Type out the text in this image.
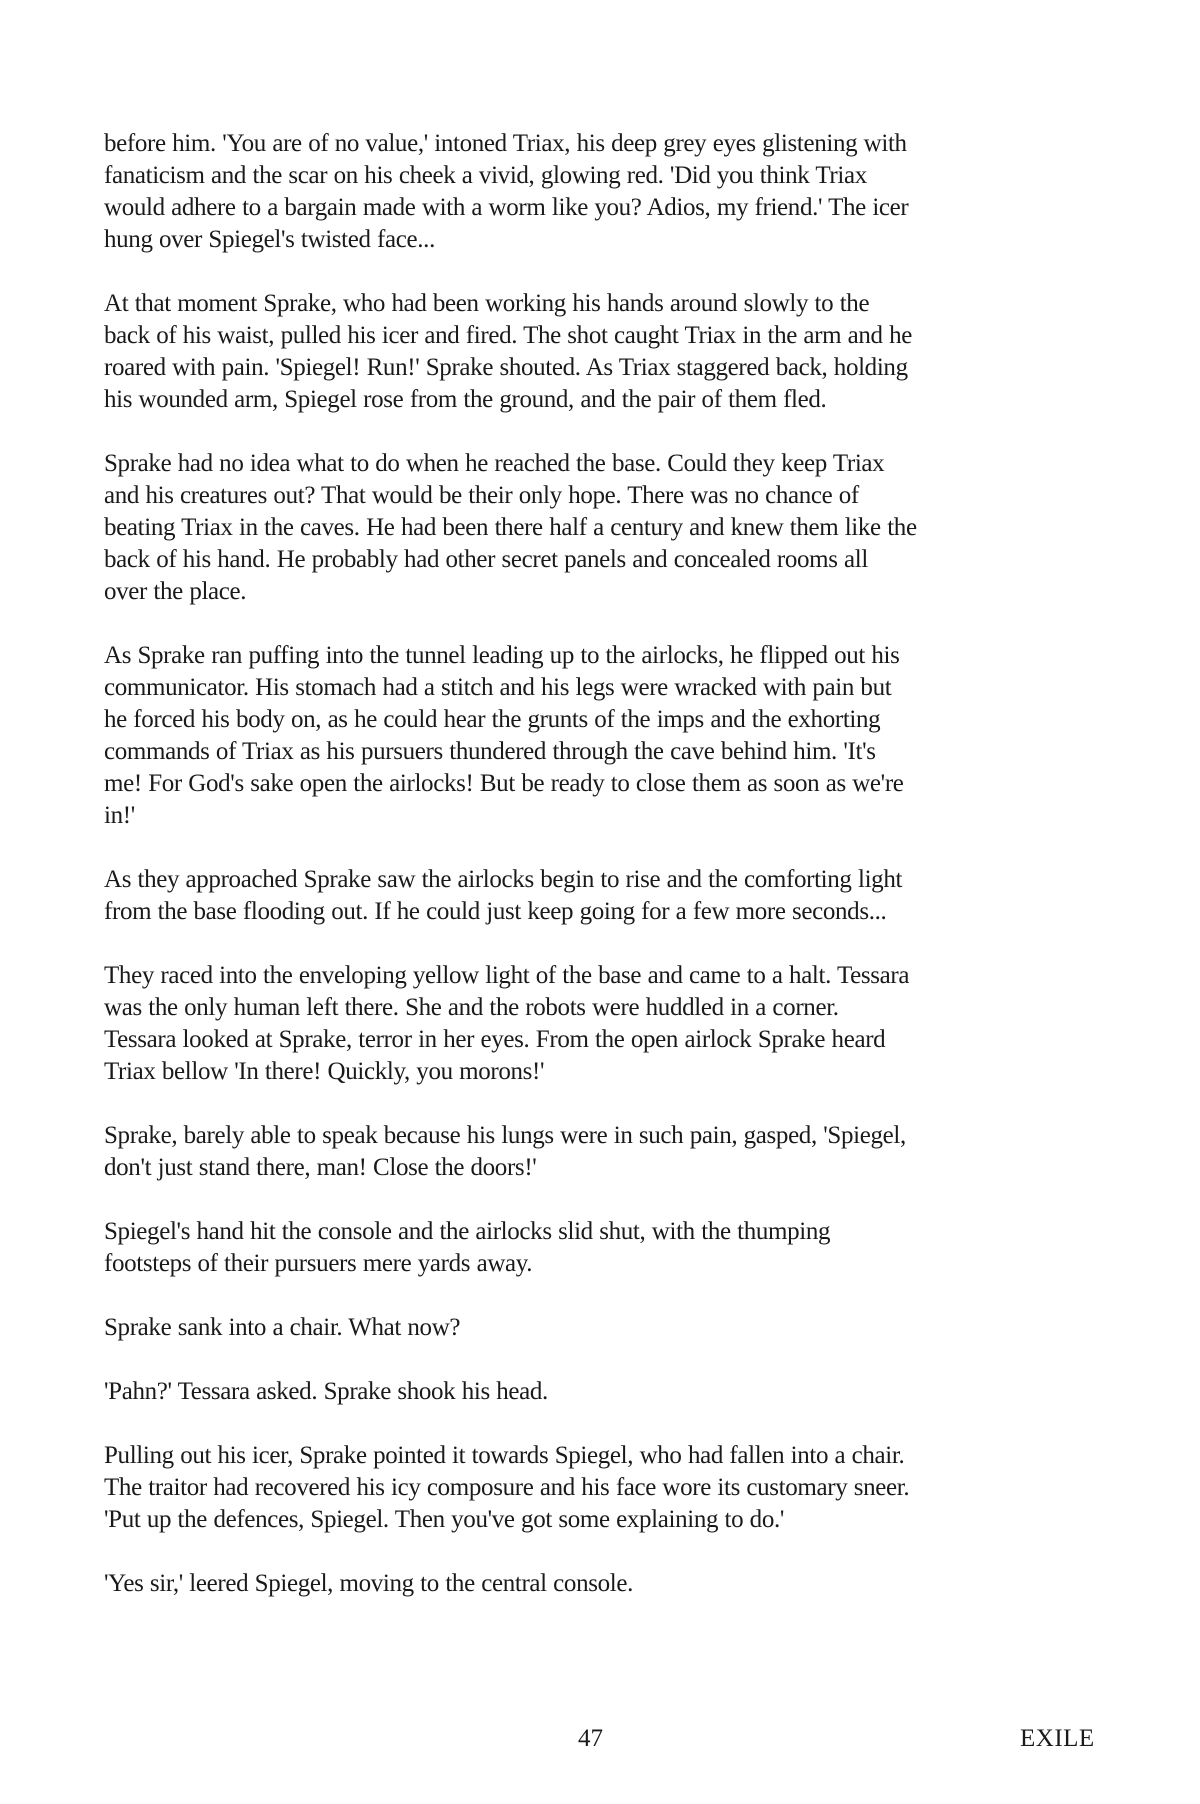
before him. 'You are of no value,' intoned Triax, his deep grey eyes glistening with
fanaticism and the scar on his cheek a vivid, glowing red. 'Did you think Triax
would adhere to a bargain made with a worm like you? Adios, my friend.' The icer
hung over Spiegel's twisted face...

At that moment Sprake, who had been working his hands around slowly to the
back of his waist, pulled his icer and fired. The shot caught Triax in the arm and he
roared with pain. 'Spiegel! Run!' Sprake shouted. As Triax staggered back, holding
his wounded arm, Spiegel rose from the ground, and the pair of them fled.

Sprake had no idea what to do when he reached the base. Could they keep Triax
and his creatures out? That would be their only hope. There was no chance of
beating Triax in the caves. He had been there half a century and knew them like the
back of his hand. He probably had other secret panels and concealed rooms all
over the place.

As Sprake ran puffing into the tunnel leading up to the airlocks, he flipped out his
communicator. His stomach had a stitch and his legs were wracked with pain but
he forced his body on, as he could hear the grunts of the imps and the exhorting
commands of Triax as his pursuers thundered through the cave behind him. 'It's
me! For God's sake open the airlocks! But be ready to close them as soon as we're
in!'

As they approached Sprake saw the airlocks begin to rise and the comforting light
from the base flooding out. If he could just keep going for a few more seconds...

They raced into the enveloping yellow light of the base and came to a halt. Tessara
was the only human left there. She and the robots were huddled in a corner.
Tessara looked at Sprake, terror in her eyes. From the open airlock Sprake heard
Triax bellow 'In there! Quickly, you morons!'

Sprake, barely able to speak because his lungs were in such pain, gasped, 'Spiegel,
don't just stand there, man! Close the doors!'

Spiegel's hand hit the console and the airlocks slid shut, with the thumping
footsteps of their pursuers mere yards away.

Sprake sank into a chair. What now?

'Pahn?' Tessara asked. Sprake shook his head.

Pulling out his icer, Sprake pointed it towards Spiegel, who had fallen into a chair.
The traitor had recovered his icy composure and his face wore its customary sneer.
'Put up the defences, Spiegel. Then you've got some explaining to do.'

'Yes sir,' leered Spiegel, moving to the central console.

47	EXILE
